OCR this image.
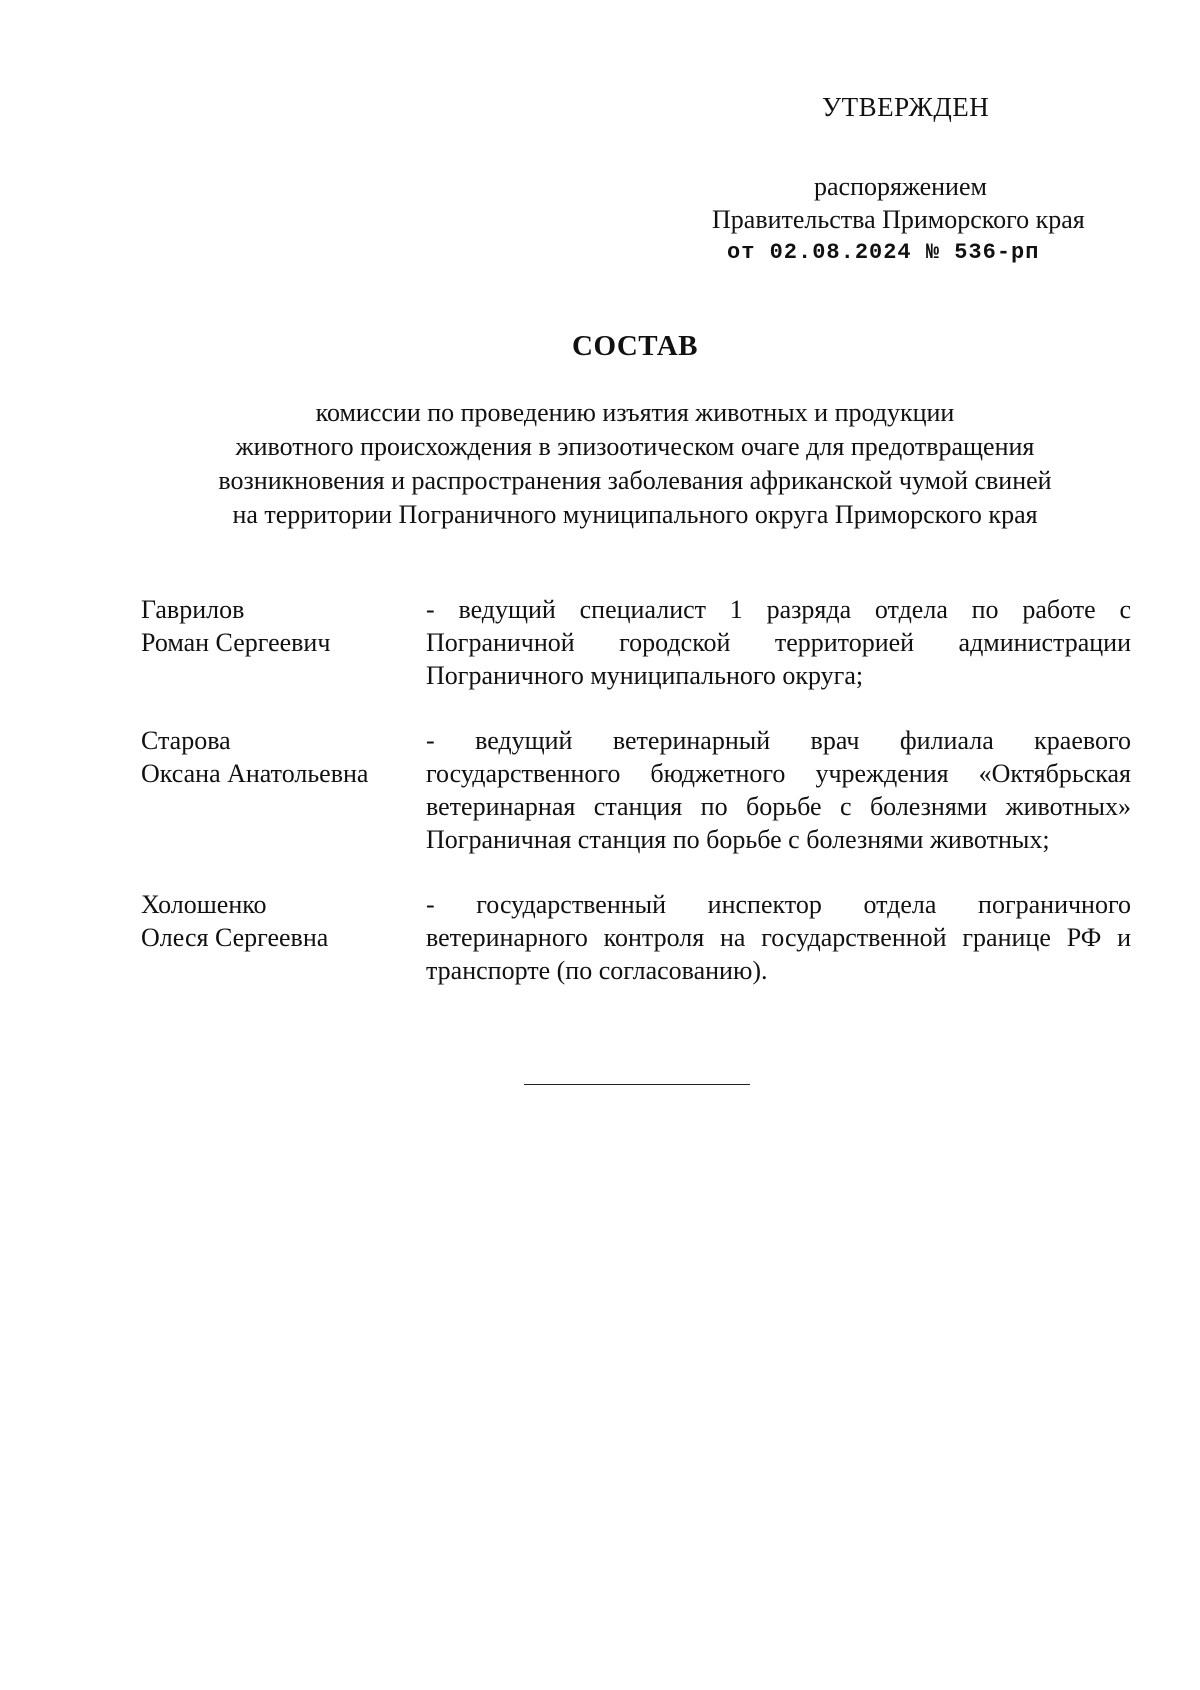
УТВЕРЖДЕН
распоряжением
Правительства Приморского края
от 02.08.2024 № 536-рп
СОСТАВ
комиссии по проведению изъятия животных и продукции
животного происхождения в эпизоотическом очаге для предотвращения
возникновения и распространения заболевания африканской чумой свиней
на территории Пограничного муниципального округа Приморского края
Гаврилов
Роман Сергеевич
- ведущий специалист 1 разряда отдела по работе с Пограничной городской территорией администрации Пограничного муниципального округа;
Старова
Оксана Анатольевна
- ведущий ветеринарный врач филиала краевого государственного бюджетного учреждения «Октябрьская ветеринарная станция по борьбе с болезнями животных» Пограничная станция по борьбе с болезнями животных;
Холошенко
Олеся Сергеевна
- государственный инспектор отдела пограничного ветеринарного контроля на государственной границе РФ и транспорте (по согласованию).
